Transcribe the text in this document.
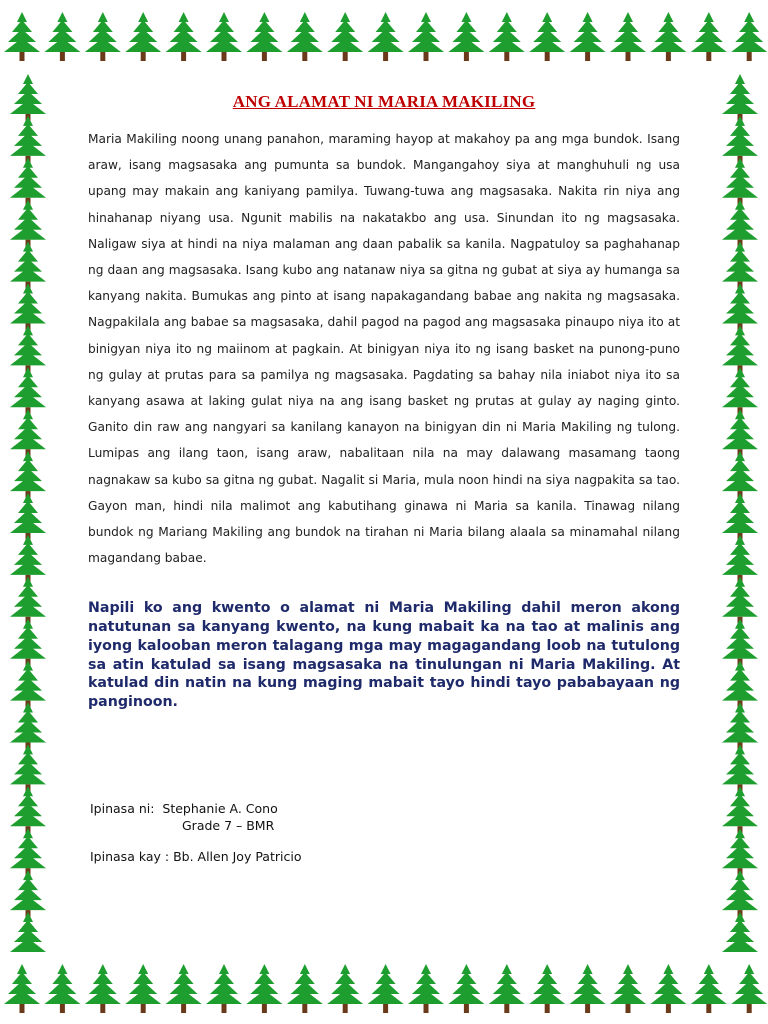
ANG ALAMAT NI MARIA MAKILING

Maria Makiling noong unang panahon, maraming hayop at makahoy pa ang mga bundok. Isang araw, isang magsasaka ang pumunta sa bundok. Mangangahoy siya at manghuhuli ng usa upang may makain ang kaniyang pamilya. Tuwang-tuwa ang magsasaka. Nakita rin niya ang hinahanap niyang usa. Ngunit mabilis na nakatakbo ang usa. Sinundan ito ng magsasaka. Naligaw siya at hindi na niya malaman ang daan pabalik sa kanila. Nagpatuloy sa paghahanap ng daan ang magsasaka. Isang kubo ang natanaw niya sa gitna ng gubat at siya ay humanga sa kanyang nakita. Bumukas ang pinto at isang napakagandang babae ang nakita ng magsasaka. Nagpakilala ang babae sa magsasaka, dahil pagod na pagod ang magsasaka pinaupo niya ito at binigyan niya ito ng maiinom at pagkain. At binigyan niya ito ng isang basket na punong-puno ng gulay at prutas para sa pamilya ng magsasaka. Pagdating sa bahay nila iniabot niya ito sa kanyang asawa at laking gulat niya na ang isang basket ng prutas at gulay ay naging ginto. Ganito din raw ang nangyari sa kanilang kanayon na binigyan din ni Maria Makiling ng tulong. Lumipas ang ilang taon, isang araw, nabalitaan nila na may dalawang masamang taong nagnakaw sa kubo sa gitna ng gubat. Nagalit si Maria, mula noon hindi na siya nagpakita sa tao. Gayon man, hindi nila malimot ang kabutihang ginawa ni Maria sa kanila. Tinawag nilang bundok ng Mariang Makiling ang bundok na tirahan ni Maria bilang alaala sa minamahal nilang magandang babae.

Napili ko ang kwento o alamat ni Maria Makiling dahil meron akong natutunan sa kanyang kwento, na kung mabait ka na tao at malinis ang iyong kalooban meron talagang mga may magagandang loob na tutulong sa atin katulad sa isang magsasaka na tinulungan ni Maria Makiling. At katulad din natin na kung maging mabait tayo hindi tayo pababayaan ng panginoon.

Ipinasa ni: Stephanie A. Cono
Grade 7 – BMR
Ipinasa kay : Bb. Allen Joy Patricio
